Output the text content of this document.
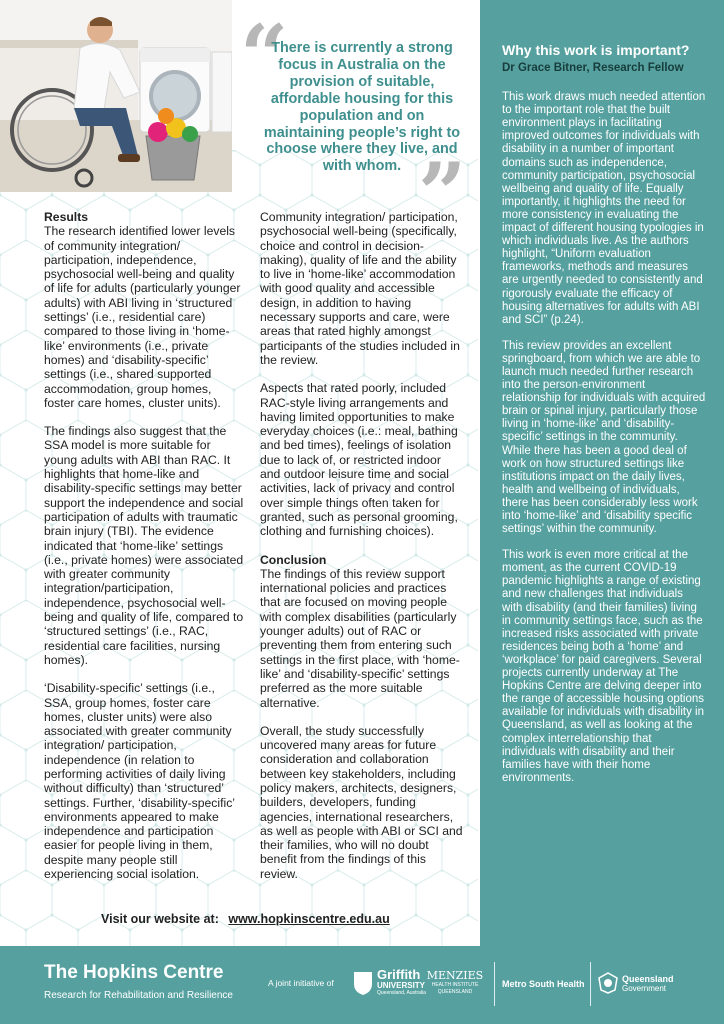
“
There is currently a strong focus in Australia on the provision of suitable, affordable housing for this population and on maintaining people’s right to choose where they live, and with whom. ”
Results

The research identified lower levels of community integration/ participation, independence, psychosocial well-being and quality of life for adults (particularly younger adults) with ABI living in ‘structured settings’ (i.e., residential care) compared to those living in ‘home-like’ environments (i.e., private homes) and ‘disability-specific’ settings (i.e., shared supported accommodation, group homes, foster care homes, cluster units).

The findings also suggest that the SSA model is more suitable for young adults with ABI than RAC. It highlights that home-like and disability-specific settings may better support the independence and social participation of adults with traumatic brain injury (TBI). The evidence indicated that ‘home-like’ settings (i.e., private homes) were associated with greater community integration/participation, independence, psychosocial well-being and quality of life, compared to ‘structured settings’ (i.e., RAC, residential care facilities, nursing homes).

‘Disability-specific’ settings (i.e., SSA, group homes, foster care homes, cluster units) were also associated with greater community integration/ participation, independence (in relation to performing activities of daily living without difficulty) than ‘structured’ settings. Further, ‘disability-specific’ environments appeared to make independence and participation easier for people living in them, despite many people still experiencing social isolation.

Community integration/ participation, psychosocial well-being (specifically, choice and control in decision-making), quality of life and the ability to live in ‘home-like’ accommodation with good quality and accessible design, in addition to having necessary supports and care, were areas that rated highly amongst participants of the studies included in the review.

Aspects that rated poorly, included RAC-style living arrangements and having limited opportunities to make everyday choices (i.e.: meal, bathing and bed times), feelings of isolation due to lack of, or restricted indoor and outdoor leisure time and social activities, lack of privacy and control over simple things often taken for granted, such as personal grooming, clothing and furnishing choices).

Conclusion

The findings of this review support international policies and practices that are focused on moving people with complex disabilities (particularly younger adults) out of RAC or preventing them from entering such settings in the first place, with ‘home-like’ and ‘disability-specific’ settings preferred as the more suitable alternative.

Overall, the study successfully uncovered many areas for future consideration and collaboration between key stakeholders, including policy makers, architects, designers, builders, developers, funding agencies, international researchers, as well as people with ABI or SCI and their families, who will no doubt benefit from the findings of this review.

Visit our website at: www.hopkinscentre.edu.au
Why this work is important?
Dr Grace Bitner, Research Fellow

This work draws much needed attention to the important role that the built environment plays in facilitating improved outcomes for individuals with disability in a number of important domains such as independence, community participation, psychosocial wellbeing and quality of life. Equally importantly, it highlights the need for more consistency in evaluating the impact of different housing typologies in which individuals live. As the authors highlight, “Uniform evaluation frameworks, methods and measures are urgently needed to consistently and rigorously evaluate the efficacy of housing alternatives for adults with ABI and SCI” (p.24).

This review provides an excellent springboard, from which we are able to launch much needed further research into the person-environment relationship for individuals with acquired brain or spinal injury, particularly those living in ‘home-like’ and ‘disability-specific’ settings in the community. While there has been a good deal of work on how structured settings like institutions impact on the daily lives, health and wellbeing of individuals, there has been considerably less work into ‘home-like’ and ‘disability specific settings’ within the community.

This work is even more critical at the moment, as the current COVID-19 pandemic highlights a range of existing and new challenges that individuals with disability (and their families) living in community settings face, such as the increased risks associated with private residences being both a ‘home’ and ‘workplace’ for paid caregivers. Several projects currently underway at The Hopkins Centre are delving deeper into the range of accessible housing options available for individuals with disability in Queensland, as well as looking at the complex interrelationship that individuals with disability and their families have with their home environments.

The Hopkins Centre
Research for Rehabilitation and Resilience
A joint initiative of
Griffith
UNIVERSITY
Queensland, Australia
MENZIES
HEALTH INSTITUTE
QUEENSLAND
Metro South Health	Queensland
Government
